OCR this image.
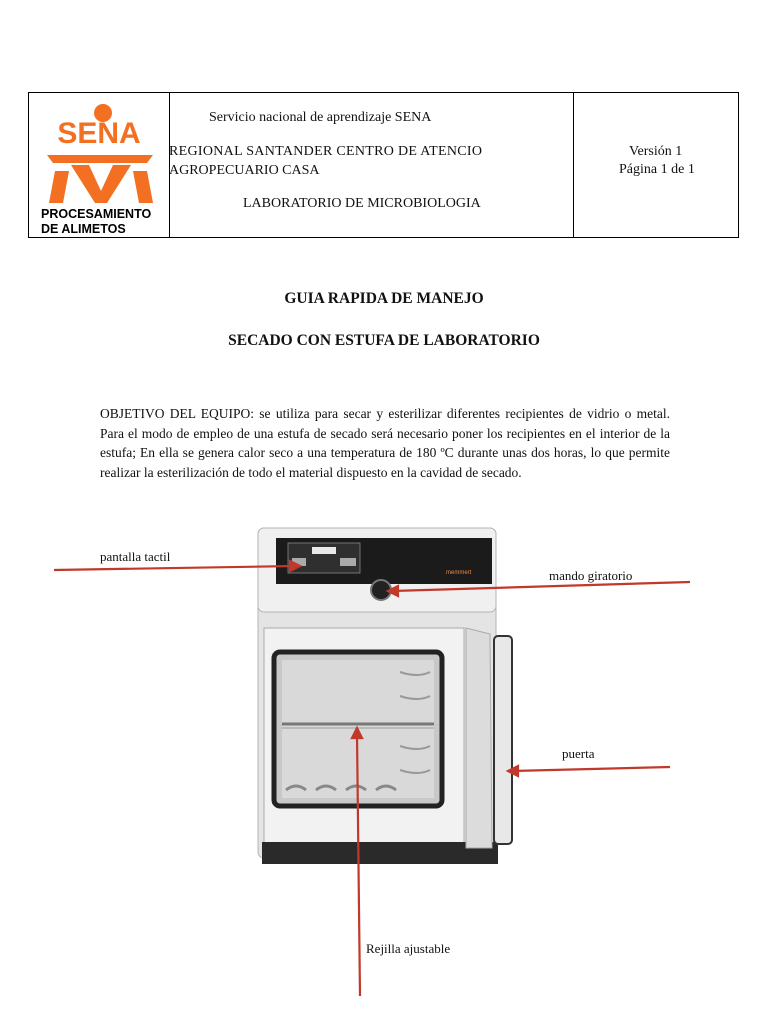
SENA
PROCESAMIENTO
DE ALIMETOS
Servicio nacional de aprendizaje SENA
REGIONAL SANTANDER CENTRO DE ATENCIO
AGROPECUARIO CASA
LABORATORIO DE MICROBIOLOGIA
Versión 1
Página 1 de 1
GUIA RAPIDA DE MANEJO
SECADO CON ESTUFA DE LABORATORIO
OBJETIVO DEL EQUIPO: se utiliza para secar y esterilizar diferentes recipientes de vidrio o metal. Para el modo de empleo de una estufa de secado será necesario poner los recipientes en el interior de la estufa; En ella se genera calor seco a una temperatura de 180 ºC durante unas dos horas, lo que permite realizar la esterilización de todo el material dispuesto en la cavidad de secado.
memmert
pantalla tactil
mando giratorio
puerta
Rejilla ajustable
